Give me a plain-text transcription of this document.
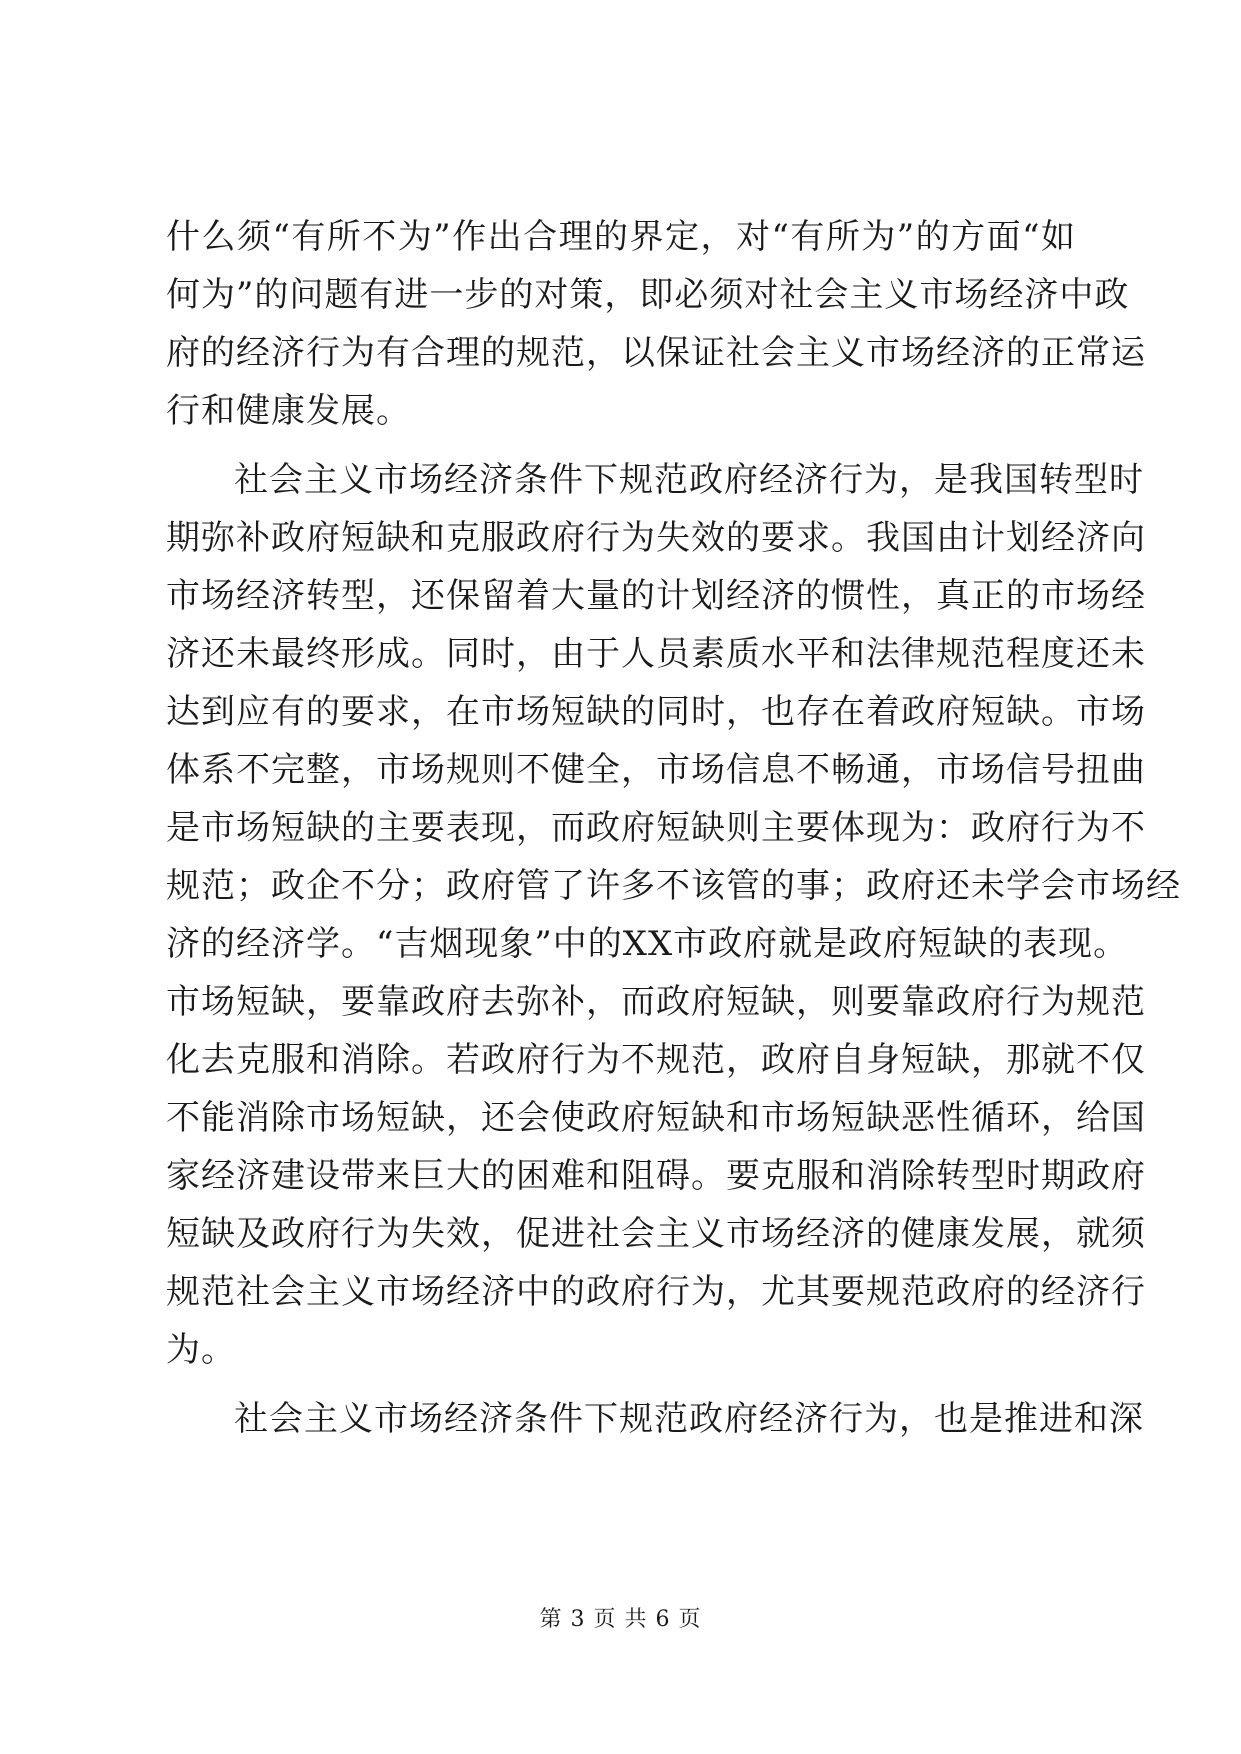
什么须“有所不为”作出合理的界定，对“有所为”的方面“如
何为”的问题有进一步的对策，即必须对社会主义市场经济中政
府的经济行为有合理的规范，以保证社会主义市场经济的正常运
行和健康发展。
社会主义市场经济条件下规范政府经济行为，是我国转型时
期弥补政府短缺和克服政府行为失效的要求。我国由计划经济向
市场经济转型，还保留着大量的计划经济的惯性，真正的市场经
济还未最终形成。同时，由于人员素质水平和法律规范程度还未
达到应有的要求，在市场短缺的同时，也存在着政府短缺。市场
体系不完整，市场规则不健全，市场信息不畅通，市场信号扭曲
是市场短缺的主要表现，而政府短缺则主要体现为：政府行为不
规范；政企不分；政府管了许多不该管的事；政府还未学会市场经
济的经济学。“吉烟现象”中的XX市政府就是政府短缺的表现。
市场短缺，要靠政府去弥补，而政府短缺，则要靠政府行为规范
化去克服和消除。若政府行为不规范，政府自身短缺，那就不仅
不能消除市场短缺，还会使政府短缺和市场短缺恶性循环，给国
家经济建设带来巨大的困难和阻碍。要克服和消除转型时期政府
短缺及政府行为失效，促进社会主义市场经济的健康发展，就须
规范社会主义市场经济中的政府行为，尤其要规范政府的经济行
为。
社会主义市场经济条件下规范政府经济行为，也是推进和深
第 3 页 共 6 页
